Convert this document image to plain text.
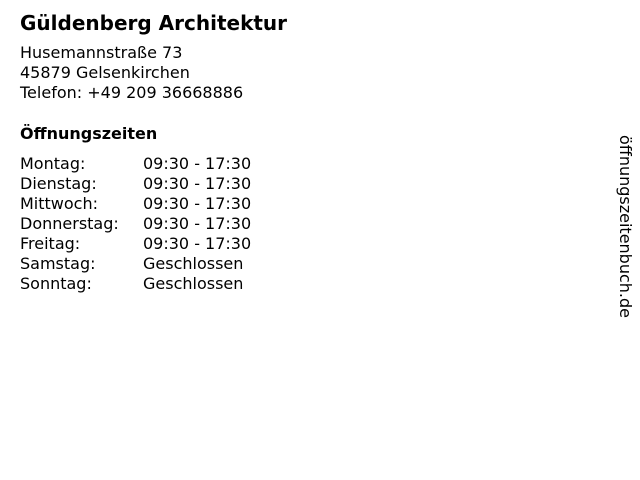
Güldenberg Architektur
Husemannstraße 73
45879 Gelsenkirchen
Telefon: +49 209 36668886
Öffnungszeiten
Montag:	09:30 - 17:30
Dienstag:	09:30 - 17:30
Mittwoch:	09:30 - 17:30
Donnerstag:	09:30 - 17:30
Freitag:	09:30 - 17:30
Samstag:	Geschlossen
Sonntag:	Geschlossen	öffnungszeitenbuch.de
